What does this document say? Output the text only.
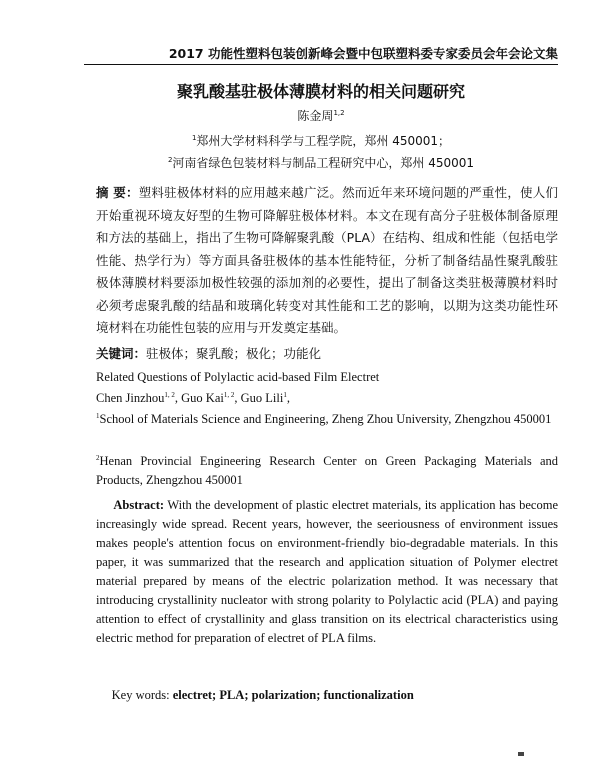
2017 功能性塑料包装创新峰会暨中包联塑料委专家委员会年会论文集
聚乳酸基驻极体薄膜材料的相关问题研究
陈金周$^{1,2}$
$^1$郑州大学材料科学与工程学院，郑州 450001；
$^2$河南省绿色包装材料与制品工程研究中心，郑州 450001
摘 要：塑料驻极体材料的应用越来越广泛。然而近年来环境问题的严重性，使人们开始重视环境友好型的生物可降解驻极体材料。本文在现有高分子驻极体制备原理和方法的基础上，指出了生物可降解聚乳酸（PLA）在结构、组成和性能（包括电学性能、热学行为）等方面具备驻极体的基本性能特征，分析了制备结晶性聚乳酸驻极体薄膜材料要添加极性较强的添加剂的必要性，提出了制备这类驻极薄膜材料时必须考虑聚乳酸的结晶和玻璃化转变对其性能和工艺的影响，以期为这类功能性环境材料在功能性包装的应用与开发奠定基础。
关键词：驻极体；聚乳酸；极化；功能化
Related Questions of Polylactic acid-based Film Electret
Chen Jinzhou$^{1, 2}$, Guo Kai$^{1, 2}$, Guo Lili$^1$,
$^1$School of Materials Science and Engineering, Zheng Zhou University, Zhengzhou 450001
$^2$Henan Provincial Engineering Research Center on Green Packaging Materials and Products, Zhengzhou 450001
Abstract: With the development of plastic electret materials, its application has become increasingly wide spread. Recent years, however, the seeriousness of environment issues makes people's attention focus on environment-friendly bio-degradable materials. In this paper, it was summarized that the research and application situation of Polymer electret material prepared by means of the electric polarization method. It was necessary that introducing crystallinity nucleator with strong polarity to Polylactic acid (PLA) and paying attention to effect of crystallinity and glass transition on its electrical characteristics using electric method for preparation of electret of PLA films.
Key words: electret; PLA; polarization; functionalization
